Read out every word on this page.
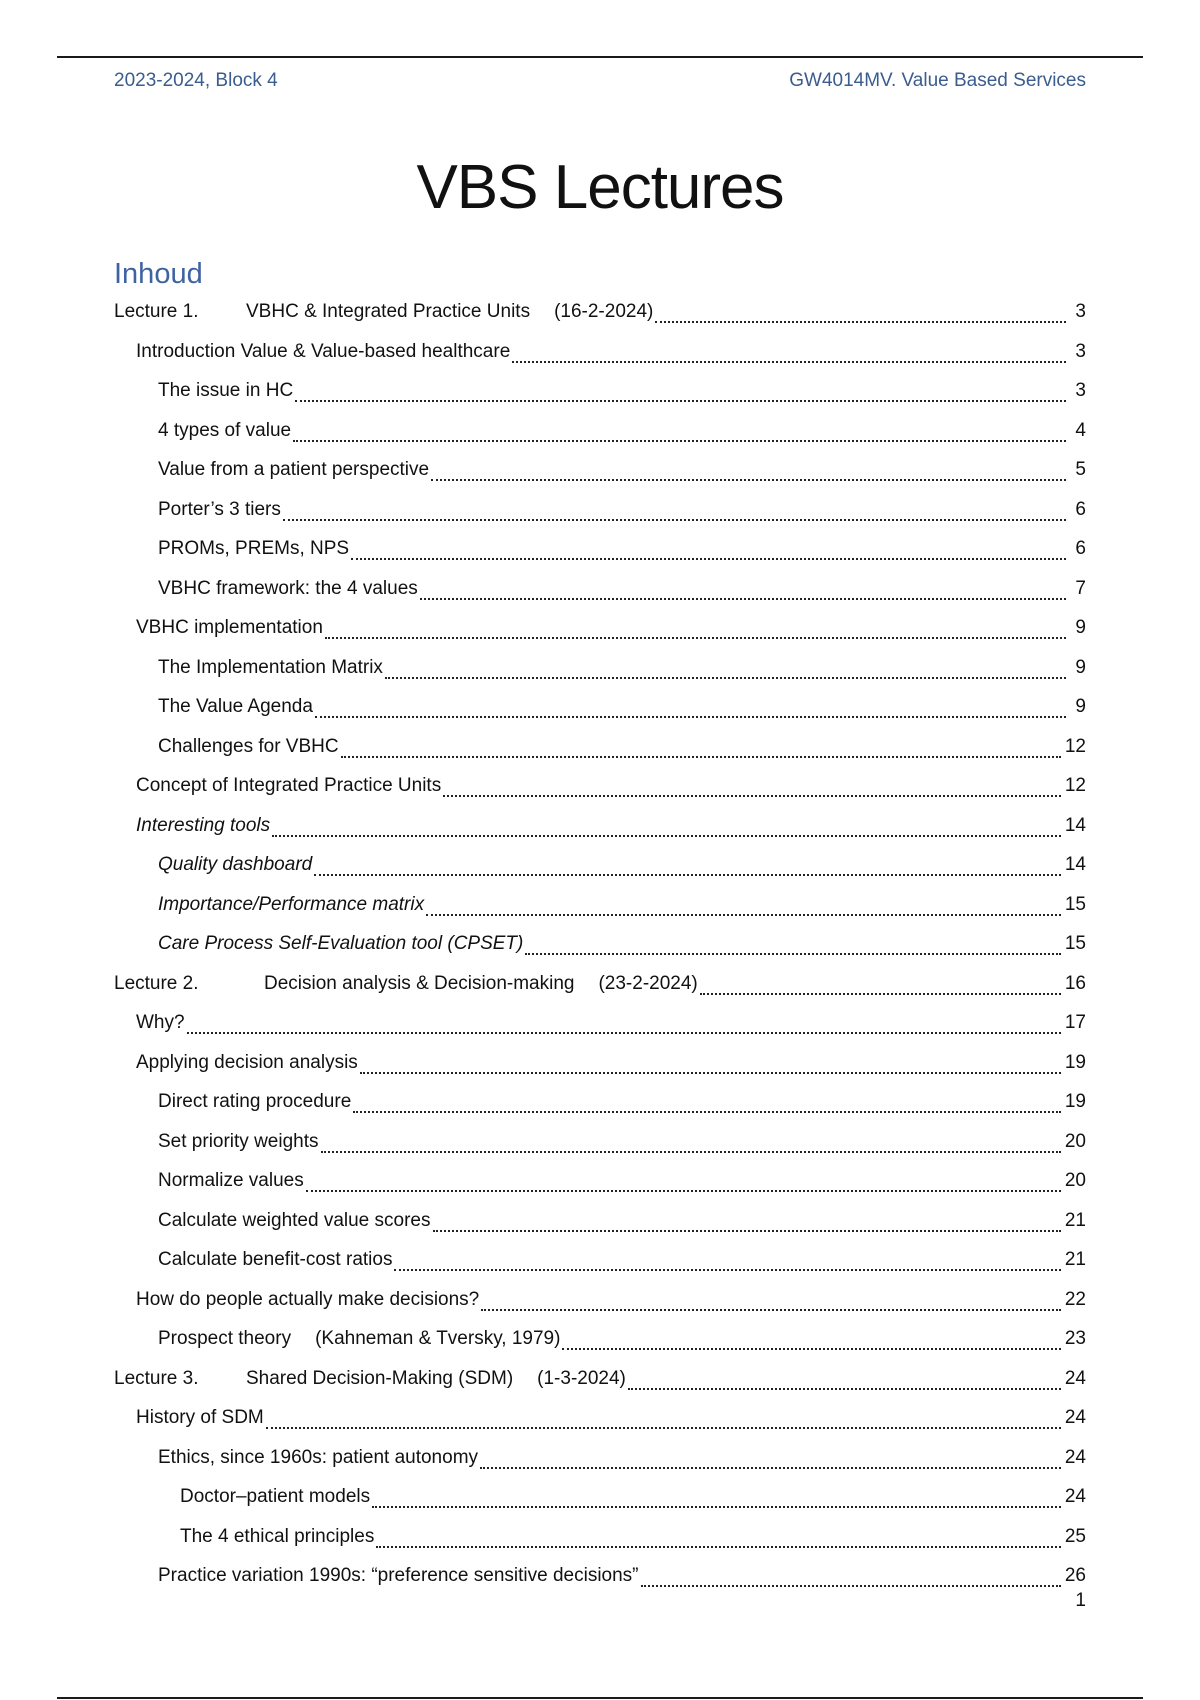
2023-2024, Block 4	GW4014MV. Value Based Services
VBS Lectures
Inhoud
Lecture 1.	VBHC & Integrated Practice Units (16-2-2024)	3
Introduction Value & Value-based healthcare	3
The issue in HC	3
4 types of value	4
Value from a patient perspective	5
Porter’s 3 tiers	6
PROMs, PREMs, NPS	6
VBHC framework: the 4 values	7
VBHC implementation	9
The Implementation Matrix	9
The Value Agenda	9
Challenges for VBHC	12
Concept of Integrated Practice Units	12
Interesting tools	14
Quality dashboard	14
Importance/Performance matrix	15
Care Process Self-Evaluation tool (CPSET)	15
Lecture 2.	Decision analysis & Decision-making (23-2-2024)	16
Why?	17
Applying decision analysis	19
Direct rating procedure	19
Set priority weights	20
Normalize values	20
Calculate weighted value scores	21
Calculate benefit-cost ratios	21
How do people actually make decisions?	22
Prospect theory (Kahneman & Tversky, 1979)	23
Lecture 3.	Shared Decision-Making (SDM) (1-3-2024)	24
History of SDM	24
Ethics, since 1960s: patient autonomy	24
Doctor–patient models	24
The 4 ethical principles	25
Practice variation 1990s: “preference sensitive decisions”	26
1
